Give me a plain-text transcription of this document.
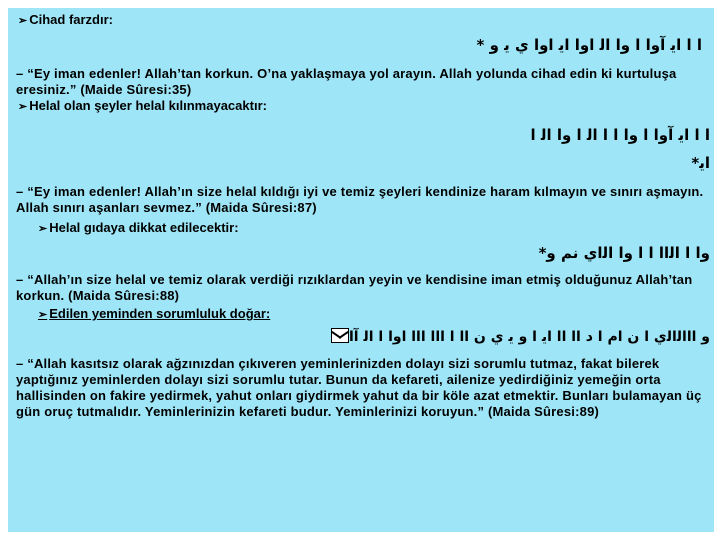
➢ Cihad farzdır:
ﺍ ﺍ ﺍﻳ ﺁﻭﺍ ﺍ ﻭﺍ ﺍﻟ ﺍﻭﺍ ﺍﻳ ﺍﻭﺍ ﻱ ﻳ ﻭ *
– “Ey iman edenler! Allah’tan korkun. O’na yaklaşmaya yol arayın. Allah yolunda cihad edin ki kurtuluşa eresiniz.” (Maide Sûresi:35)
➢ Helal olan şeyler helal kılınmayacaktır:
ﺍ ﺍ ﺍﻳ ﺁﻭﺍ ﺍ ﻭﺍ ﺍ ﺍ ﺍﻟ ﺍ ﻭﺍ ﺍﻟ ﺍ
ﺍﻳ*
– “Ey iman edenler! Allah’ın size helal kıldığı iyi ve temiz şeyleri kendinize haram kılmayın ve sınırı aşmayın. Allah sınırı aşanları sevmez.” (Maida Sûresi:87)
➢ Helal gıdaya dikkat edilecektir:
ﻭﺍ ﺍ ﺍﻟﺍﺍ ﺍ ﺍ ﻭﺍ ﺍﻟﺍﻱ ﻧﻢ ﻭ*
– “Allah’ın size helal ve temiz olarak verdiği rızıklardan yeyin ve kendisine iman etmiş olduğunuz Allah’tan korkun. (Maida Sûresi:88)
➢ Edilen yeminden sorumluluk doğar:
ﻭ ﺍﺍﺍﻟﺍﻟﻱ ﺍ ﻥ ﺍﻡ ﺍ ﺩ ﺍﺍ ﺍﺍ ﺍﻳ ﺍ ﻭ ﻳ ﻱ ﻥ ﺍﺍ ﺍ ﺍﺍﺍ ﺍﺍﺍ ﺍﻭﺍ ﺍ ﺍﻟ ﺁﺍ
– “Allah kasıtsız olarak ağzınızdan çıkıveren yeminlerinizden dolayı sizi sorumlu tutmaz, fakat bilerek yaptığınız yeminlerden dolayı sizi sorumlu tutar. Bunun da kefareti, ailenize yedirdiğiniz yemeğin orta hallisinden on fakire yedirmek, yahut onları giydirmek yahut da bir köle azat etmektir. Bunları bulamayan üç gün oruç tutmalıdır. Yeminlerinizin kefareti budur. Yeminlerinizi koruyun.” (Maida Sûresi:89)
